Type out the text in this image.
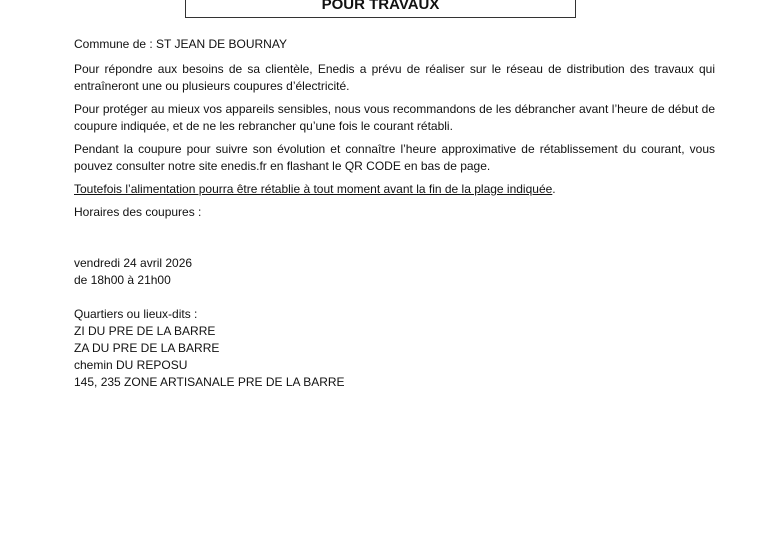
POUR TRAVAUX

Commune de : ST JEAN DE BOURNAY

Pour répondre aux besoins de sa clientèle, Enedis a prévu de réaliser sur le réseau de distribution des travaux qui entraîneront une ou plusieurs coupures d’électricité.

Pour protéger au mieux vos appareils sensibles, nous vous recommandons de les débrancher avant l’heure de début de coupure indiquée, et de ne les rebrancher qu’une fois le courant rétabli.

Pendant la coupure pour suivre son évolution et connaître l’heure approximative de rétablissement du courant, vous pouvez consulter notre site enedis.fr en flashant le QR CODE en bas de page.

Toutefois l’alimentation pourra être rétablie à tout moment avant la fin de la plage indiquée.

Horaires des coupures :

vendredi 24 avril 2026
de 18h00 à 21h00
Quartiers ou lieux-dits :
ZI DU PRE DE LA BARRE
ZA DU PRE DE LA BARRE
chemin DU REPOSU
145, 235 ZONE ARTISANALE PRE DE LA BARRE
